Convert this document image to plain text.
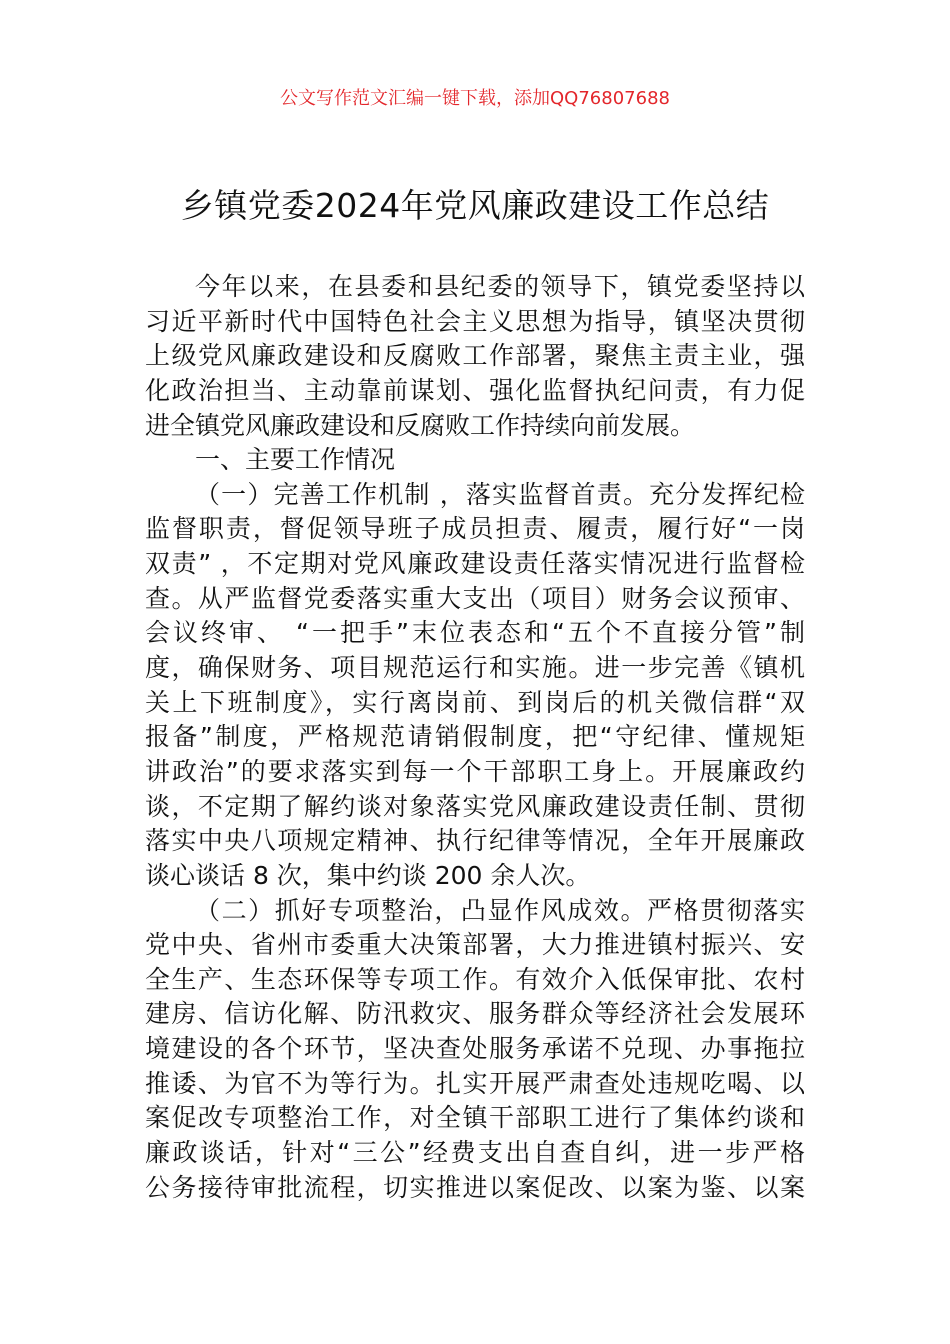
公文写作范文汇编一键下载，添加QQ76807688
乡镇党委2024年党风廉政建设工作总结
今年以来，在县委和县纪委的领导下，镇党委坚持以
习近平新时代中国特色社会主义思想为指导，镇坚决贯彻
上级党风廉政建设和反腐败工作部署，聚焦主责主业，强
化政治担当、主动靠前谋划、强化监督执纪问责，有力促
进全镇党风廉政建设和反腐败工作持续向前发展。
一、主要工作情况
（一）完善工作机制 ，落实监督首责。充分发挥纪检
监督职责，督促领导班子成员担责、履责，履行好“一岗
双责” ，不定期对党风廉政建设责任落实情况进行监督检
查。从严监督党委落实重大支出（项目）财务会议预审、
会议终审、 “一把手”末位表态和“五个不直接分管”制
度，确保财务、项目规范运行和实施。进一步完善《镇机
关上下班制度》，实行离岗前、到岗后的机关微信群“双
报备”制度，严格规范请销假制度，把“守纪律、懂规矩
讲政治”的要求落实到每一个干部职工身上。开展廉政约
谈，不定期了解约谈对象落实党风廉政建设责任制、贯彻
落实中央八项规定精神、执行纪律等情况，全年开展廉政
谈心谈话 8 次，集中约谈 200 余人次。
（二）抓好专项整治，凸显作风成效。严格贯彻落实
党中央、省州市委重大决策部署，大力推进镇村振兴、安
全生产、生态环保等专项工作。有效介入低保审批、农村
建房、信访化解、防汛救灾、服务群众等经济社会发展环
境建设的各个环节，坚决查处服务承诺不兑现、办事拖拉
推诿、为官不为等行为。扎实开展严肃查处违规吃喝、以
案促改专项整治工作，对全镇干部职工进行了集体约谈和
廉政谈话，针对“三公”经费支出自查自纠，进一步严格
公务接待审批流程，切实推进以案促改、以案为鉴、以案
